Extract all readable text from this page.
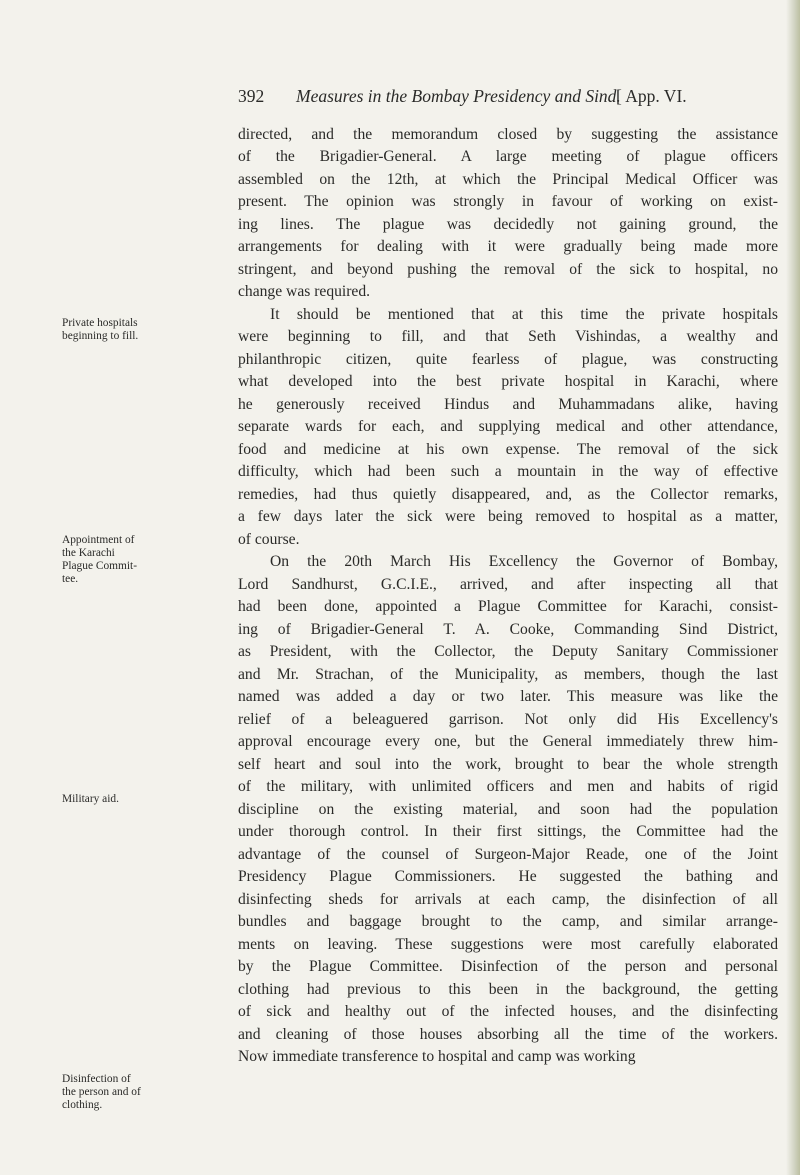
392 Measures in the Bombay Presidency and Sind.
[ App. VI.
Private hospitals
beginning to fill.
Appointment of
the Karachi
Plague Commit-
tee.
Military aid.
Disinfection of
the person and of
clothing.
directed, and the memorandum closed by suggesting the assistance
of the Brigadier-General. A large meeting of plague officers
assembled on the 12th, at which the Principal Medical Officer was
present. The opinion was strongly in favour of working on exist-
ing lines. The plague was decidedly not gaining ground, the
arrangements for dealing with it were gradually being made more
stringent, and beyond pushing the removal of the sick to hospital, no
change was required.
It should be mentioned that at this time the private hospitals
were beginning to fill, and that Seth Vishindas, a wealthy and
philanthropic citizen, quite fearless of plague, was constructing
what developed into the best private hospital in Karachi, where
he generously received Hindus and Muhammadans alike, having
separate wards for each, and supplying medical and other attendance,
food and medicine at his own expense. The removal of the sick
difficulty, which had been such a mountain in the way of effective
remedies, had thus quietly disappeared, and, as the Collector remarks,
a few days later the sick were being removed to hospital as a matter,
of course.
On the 20th March His Excellency the Governor of Bombay,
Lord Sandhurst, G.C.I.E., arrived, and after inspecting all that
had been done, appointed a Plague Committee for Karachi, consist-
ing of Brigadier-General T. A. Cooke, Commanding Sind District,
as President, with the Collector, the Deputy Sanitary Commissioner
and Mr. Strachan, of the Municipality, as members, though the last
named was added a day or two later. This measure was like the
relief of a beleaguered garrison. Not only did His Excellency's
approval encourage every one, but the General immediately threw him-
self heart and soul into the work, brought to bear the whole strength
of the military, with unlimited officers and men and habits of rigid
discipline on the existing material, and soon had the population
under thorough control. In their first sittings, the Committee had the
advantage of the counsel of Surgeon-Major Reade, one of the Joint
Presidency Plague Commissioners. He suggested the bathing and
disinfecting sheds for arrivals at each camp, the disinfection of all
bundles and baggage brought to the camp, and similar arrange-
ments on leaving. These suggestions were most carefully elaborated
by the Plague Committee. Disinfection of the person and personal
clothing had previous to this been in the background, the getting
of sick and healthy out of the infected houses, and the disinfecting
and cleaning of those houses absorbing all the time of the workers.
Now immediate transference to hospital and camp was working
